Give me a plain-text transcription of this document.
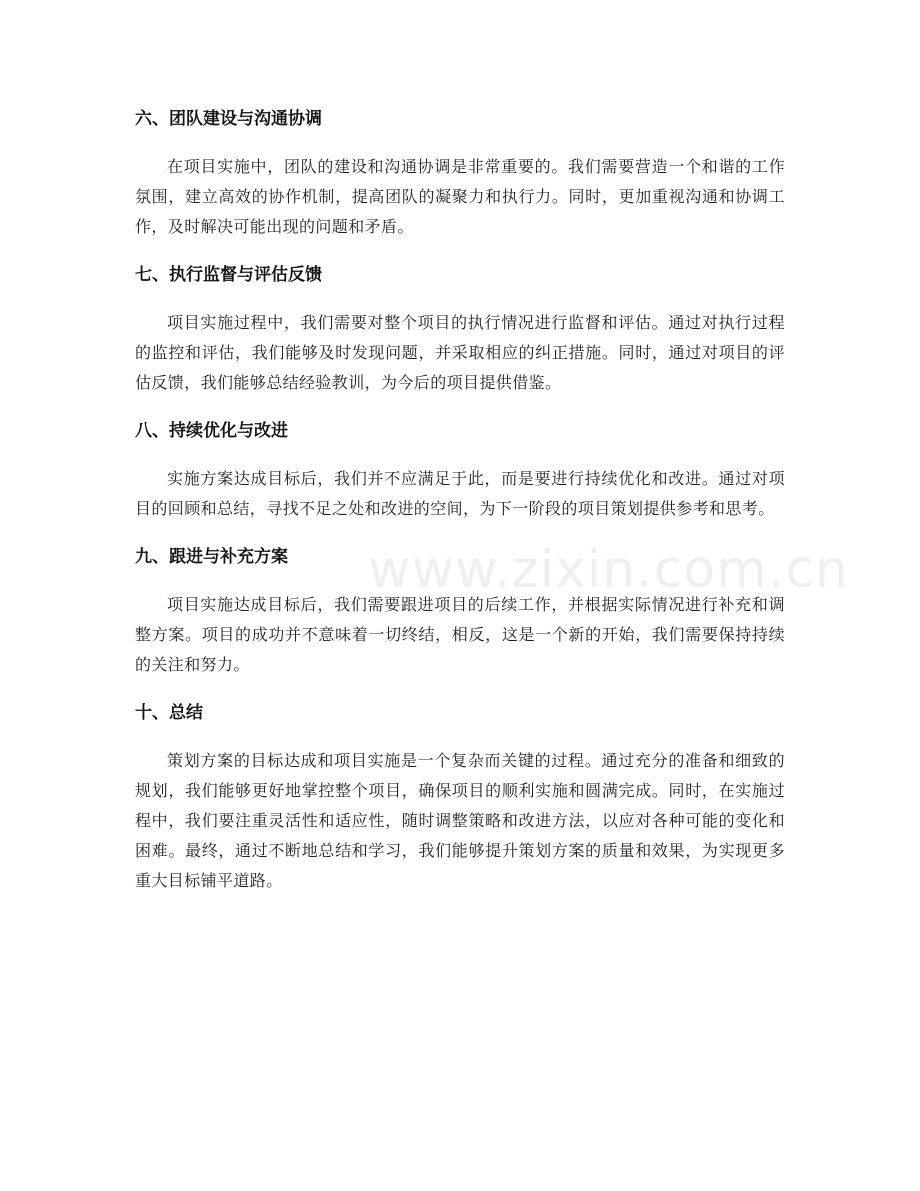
六、团队建设与沟通协调

在项目实施中，团队的建设和沟通协调是非常重要的。我们需要营造一个和谐的工作氛围，建立高效的协作机制，提高团队的凝聚力和执行力。同时，更加重视沟通和协调工作，及时解决可能出现的问题和矛盾。

七、执行监督与评估反馈

项目实施过程中，我们需要对整个项目的执行情况进行监督和评估。通过对执行过程的监控和评估，我们能够及时发现问题，并采取相应的纠正措施。同时，通过对项目的评估反馈，我们能够总结经验教训，为今后的项目提供借鉴。

八、持续优化与改进

实施方案达成目标后，我们并不应满足于此，而是要进行持续优化和改进。通过对项目的回顾和总结，寻找不足之处和改进的空间，为下一阶段的项目策划提供参考和思考。

九、跟进与补充方案

项目实施达成目标后，我们需要跟进项目的后续工作，并根据实际情况进行补充和调整方案。项目的成功并不意味着一切终结，相反，这是一个新的开始，我们需要保持持续的关注和努力。

十、总结

策划方案的目标达成和项目实施是一个复杂而关键的过程。通过充分的准备和细致的规划，我们能够更好地掌控整个项目，确保项目的顺利实施和圆满完成。同时，在实施过程中，我们要注重灵活性和适应性，随时调整策略和改进方法，以应对各种可能的变化和困难。最终，通过不断地总结和学习，我们能够提升策划方案的质量和效果，为实现更多重大目标铺平道路。

www.zixin.com.cn
